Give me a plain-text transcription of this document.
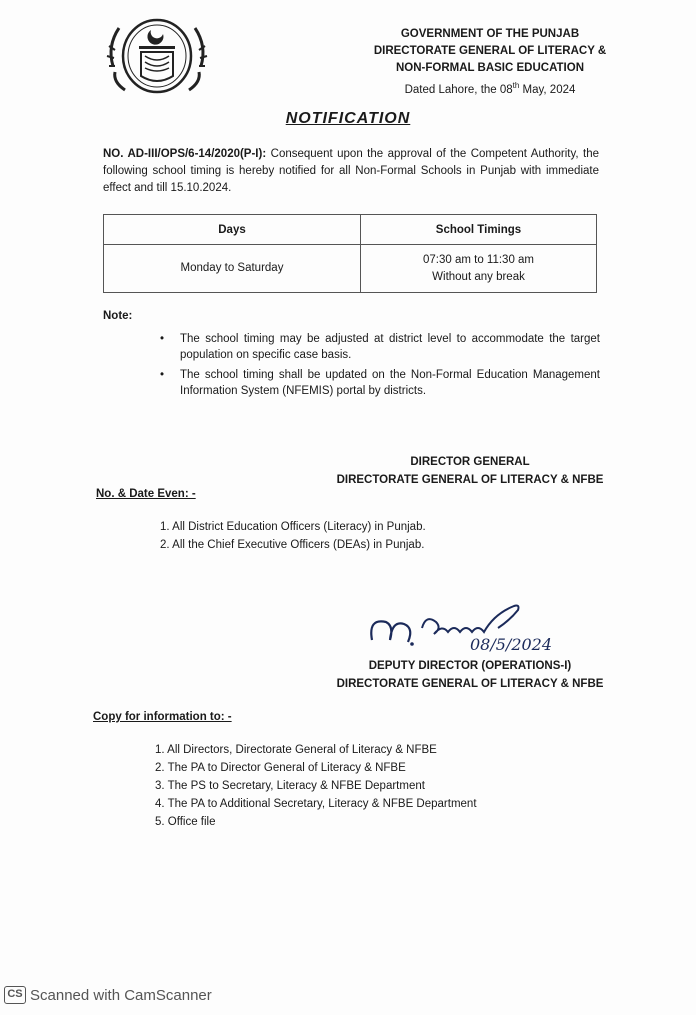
GOVERNMENT OF THE PUNJAB
DIRECTORATE GENERAL OF LITERACY &
NON-FORMAL BASIC EDUCATION
Dated Lahore, the 08th May, 2024
NOTIFICATION
NO. AD-III/OPS/6-14/2020(P-I): Consequent upon the approval of the Competent Authority, the following school timing is hereby notified for all Non-Formal Schools in Punjab with immediate effect and till 15.10.2024.
Days	School Timings
Monday to Saturday	07:30 am to 11:30 am
Without any break
Note:
• The school timing may be adjusted at district level to accommodate the target population on specific case basis.
• The school timing shall be updated on the Non-Formal Education Management Information System (NFEMIS) portal by districts.
DIRECTOR GENERAL
DIRECTORATE GENERAL OF LITERACY & NFBE
No. & Date Even: -
1. All District Education Officers (Literacy) in Punjab.
2. All the Chief Executive Officers (DEAs) in Punjab.
08/5/2024
DEPUTY DIRECTOR (OPERATIONS-I)
DIRECTORATE GENERAL OF LITERACY & NFBE
Copy for information to: -
1. All Directors, Directorate General of Literacy & NFBE
2. The PA to Director General of Literacy & NFBE
3. The PS to Secretary, Literacy & NFBE Department
4. The PA to Additional Secretary, Literacy & NFBE Department
5. Office file
CS Scanned with CamScanner
